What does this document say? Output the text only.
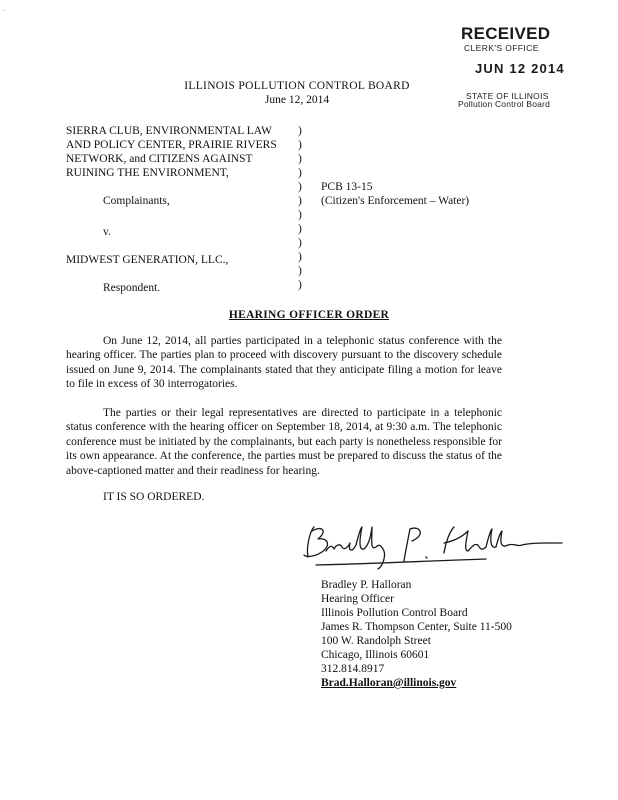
..
RECEIVED
CLERK'S OFFICE
JUN 12 2014
STATE OF ILLINOIS
Pollution Control Board
ILLINOIS POLLUTION CONTROL BOARD
June 12, 2014
SIERRA CLUB, ENVIRONMENTAL LAW
AND POLICY CENTER, PRAIRIE RIVERS
NETWORK, and CITIZENS AGAINST
RUINING THE ENVIRONMENT,
Complainants,
v.
MIDWEST GENERATION, LLC.,
Respondent.
)
)
)
)
)
)
)
)
)
)
)
)
PCB 13-15
(Citizen's Enforcement – Water)
HEARING OFFICER ORDER
On June 12, 2014, all parties participated in a telephonic status conference with the hearing officer. The parties plan to proceed with discovery pursuant to the discovery schedule issued on June 9, 2014. The complainants stated that they anticipate filing a motion for leave to file in excess of 30 interrogatories.
The parties or their legal representatives are directed to participate in a telephonic status conference with the hearing officer on September 18, 2014, at 9:30 a.m. The telephonic conference must be initiated by the complainants, but each party is nonetheless responsible for its own appearance. At the conference, the parties must be prepared to discuss the status of the above-captioned matter and their readiness for hearing.
IT IS SO ORDERED.
Bradley P. Halloran
Hearing Officer
Illinois Pollution Control Board
James R. Thompson Center, Suite 11-500
100 W. Randolph Street
Chicago, Illinois 60601
312.814.8917
Brad.Halloran@illinois.gov
